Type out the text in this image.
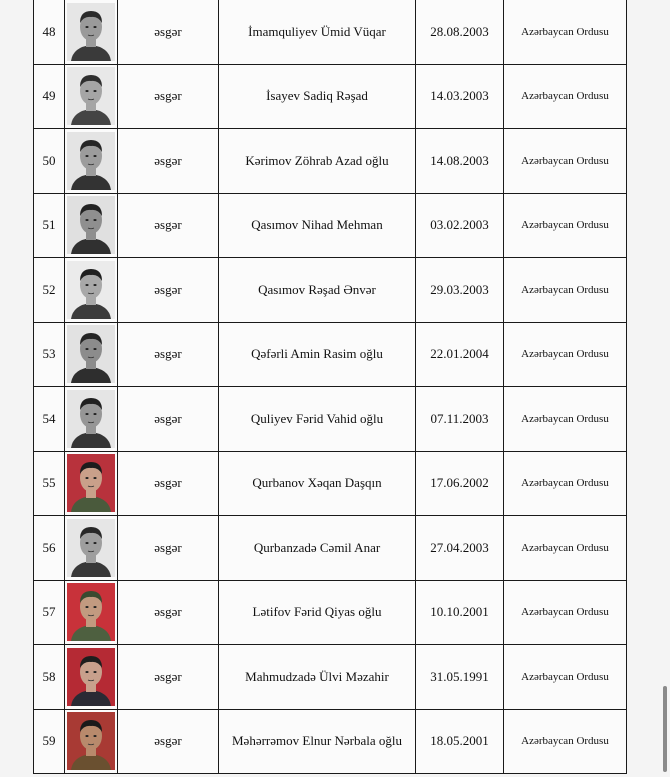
48		əsgər	İmamquliyev Ümid Vüqar	28.08.2003	Azərbaycan Ordusu
49		əsgər	İsayev Sadiq Rəşad	14.03.2003	Azərbaycan Ordusu
50		əsgər	Kərimov Zöhrab Azad oğlu	14.08.2003	Azərbaycan Ordusu
51		əsgər	Qasımov Nihad Mehman	03.02.2003	Azərbaycan Ordusu
52		əsgər	Qasımov Rəşad Ənvər	29.03.2003	Azərbaycan Ordusu
53		əsgər	Qəfərli Amin Rasim oğlu	22.01.2004	Azərbaycan Ordusu
54		əsgər	Quliyev Fərid Vahid oğlu	07.11.2003	Azərbaycan Ordusu
55		əsgər	Qurbanov Xəqan Daşqın	17.06.2002	Azərbaycan Ordusu
56		əsgər	Qurbanzadə Cəmil Anar	27.04.2003	Azərbaycan Ordusu
57		əsgər	Lətifov Fərid Qiyas oğlu	10.10.2001	Azərbaycan Ordusu
58		əsgər	Mahmudzadə Ülvi Məzahir	31.05.1991	Azərbaycan Ordusu
59		əsgər	Məhərrəmov Elnur Nərbala oğlu	18.05.2001	Azərbaycan Ordusu
